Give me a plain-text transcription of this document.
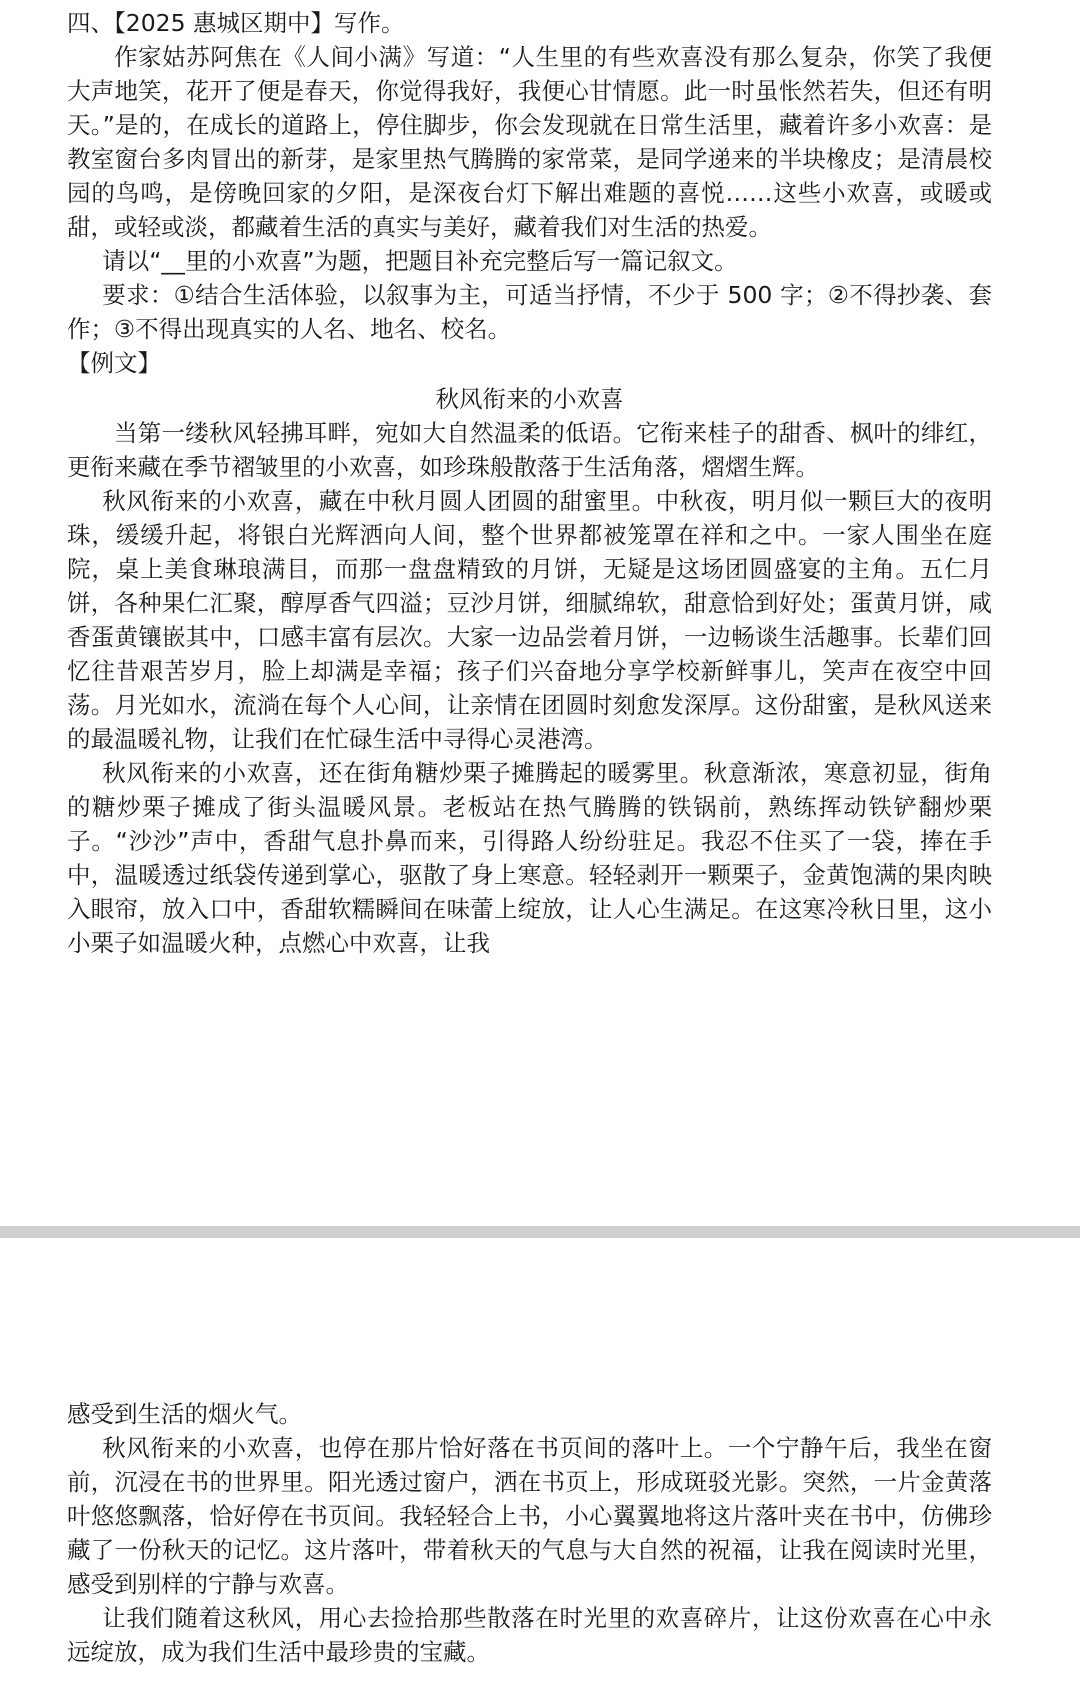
四、【2025 惠城区期中】写作。

作家姑苏阿焦在《人间小满》写道：“人生里的有些欢喜没有那么复杂，你笑了我便大声地笑，花开了便是春天，你觉得我好，我便心甘情愿。此一时虽怅然若失，但还有明天。”是的，在成长的道路上，停住脚步，你会发现就在日常生活里，藏着许多小欢喜：是教室窗台多肉冒出的新芽，是家里热气腾腾的家常菜，是同学递来的半块橡皮；是清晨校园的鸟鸣，是傍晚回家的夕阳，是深夜台灯下解出难题的喜悦……这些小欢喜，或暖或甜，或轻或淡，都藏着生活的真实与美好，藏着我们对生活的热爱。

请以“__里的小欢喜”为题，把题目补充完整后写一篇记叙文。

要求：①结合生活体验，以叙事为主，可适当抒情，不少于 500 字；②不得抄袭、套作；③不得出现真实的人名、地名、校名。

【例文】

秋风衔来的小欢喜

当第一缕秋风轻拂耳畔，宛如大自然温柔的低语。它衔来桂子的甜香、枫叶的绯红，更衔来藏在季节褶皱里的小欢喜，如珍珠般散落于生活角落，熠熠生辉。

秋风衔来的小欢喜，藏在中秋月圆人团圆的甜蜜里。中秋夜，明月似一颗巨大的夜明珠，缓缓升起，将银白光辉洒向人间，整个世界都被笼罩在祥和之中。一家人围坐在庭院，桌上美食琳琅满目，而那一盘盘精致的月饼，无疑是这场团圆盛宴的主角。五仁月饼，各种果仁汇聚，醇厚香气四溢；豆沙月饼，细腻绵软，甜意恰到好处；蛋黄月饼，咸香蛋黄镶嵌其中，口感丰富有层次。大家一边品尝着月饼，一边畅谈生活趣事。长辈们回忆往昔艰苦岁月，脸上却满是幸福；孩子们兴奋地分享学校新鲜事儿，笑声在夜空中回荡。月光如水，流淌在每个人心间，让亲情在团圆时刻愈发深厚。这份甜蜜，是秋风送来的最温暖礼物，让我们在忙碌生活中寻得心灵港湾。

秋风衔来的小欢喜，还在街角糖炒栗子摊腾起的暖雾里。秋意渐浓，寒意初显，街角的糖炒栗子摊成了街头温暖风景。老板站在热气腾腾的铁锅前，熟练挥动铁铲翻炒栗子。“沙沙”声中，香甜气息扑鼻而来，引得路人纷纷驻足。我忍不住买了一袋，捧在手中，温暖透过纸袋传递到掌心，驱散了身上寒意。轻轻剥开一颗栗子，金黄饱满的果肉映入眼帘，放入口中，香甜软糯瞬间在味蕾上绽放，让人心生满足。在这寒冷秋日里，这小小栗子如温暖火种，点燃心中欢喜，让我

感受到生活的烟火气。

秋风衔来的小欢喜，也停在那片恰好落在书页间的落叶上。一个宁静午后，我坐在窗前，沉浸在书的世界里。阳光透过窗户，洒在书页上，形成斑驳光影。突然，一片金黄落叶悠悠飘落，恰好停在书页间。我轻轻合上书，小心翼翼地将这片落叶夹在书中，仿佛珍藏了一份秋天的记忆。这片落叶，带着秋天的气息与大自然的祝福，让我在阅读时光里，感受到别样的宁静与欢喜。

让我们随着这秋风，用心去捡拾那些散落在时光里的欢喜碎片，让这份欢喜在心中永远绽放，成为我们生活中最珍贵的宝藏。
